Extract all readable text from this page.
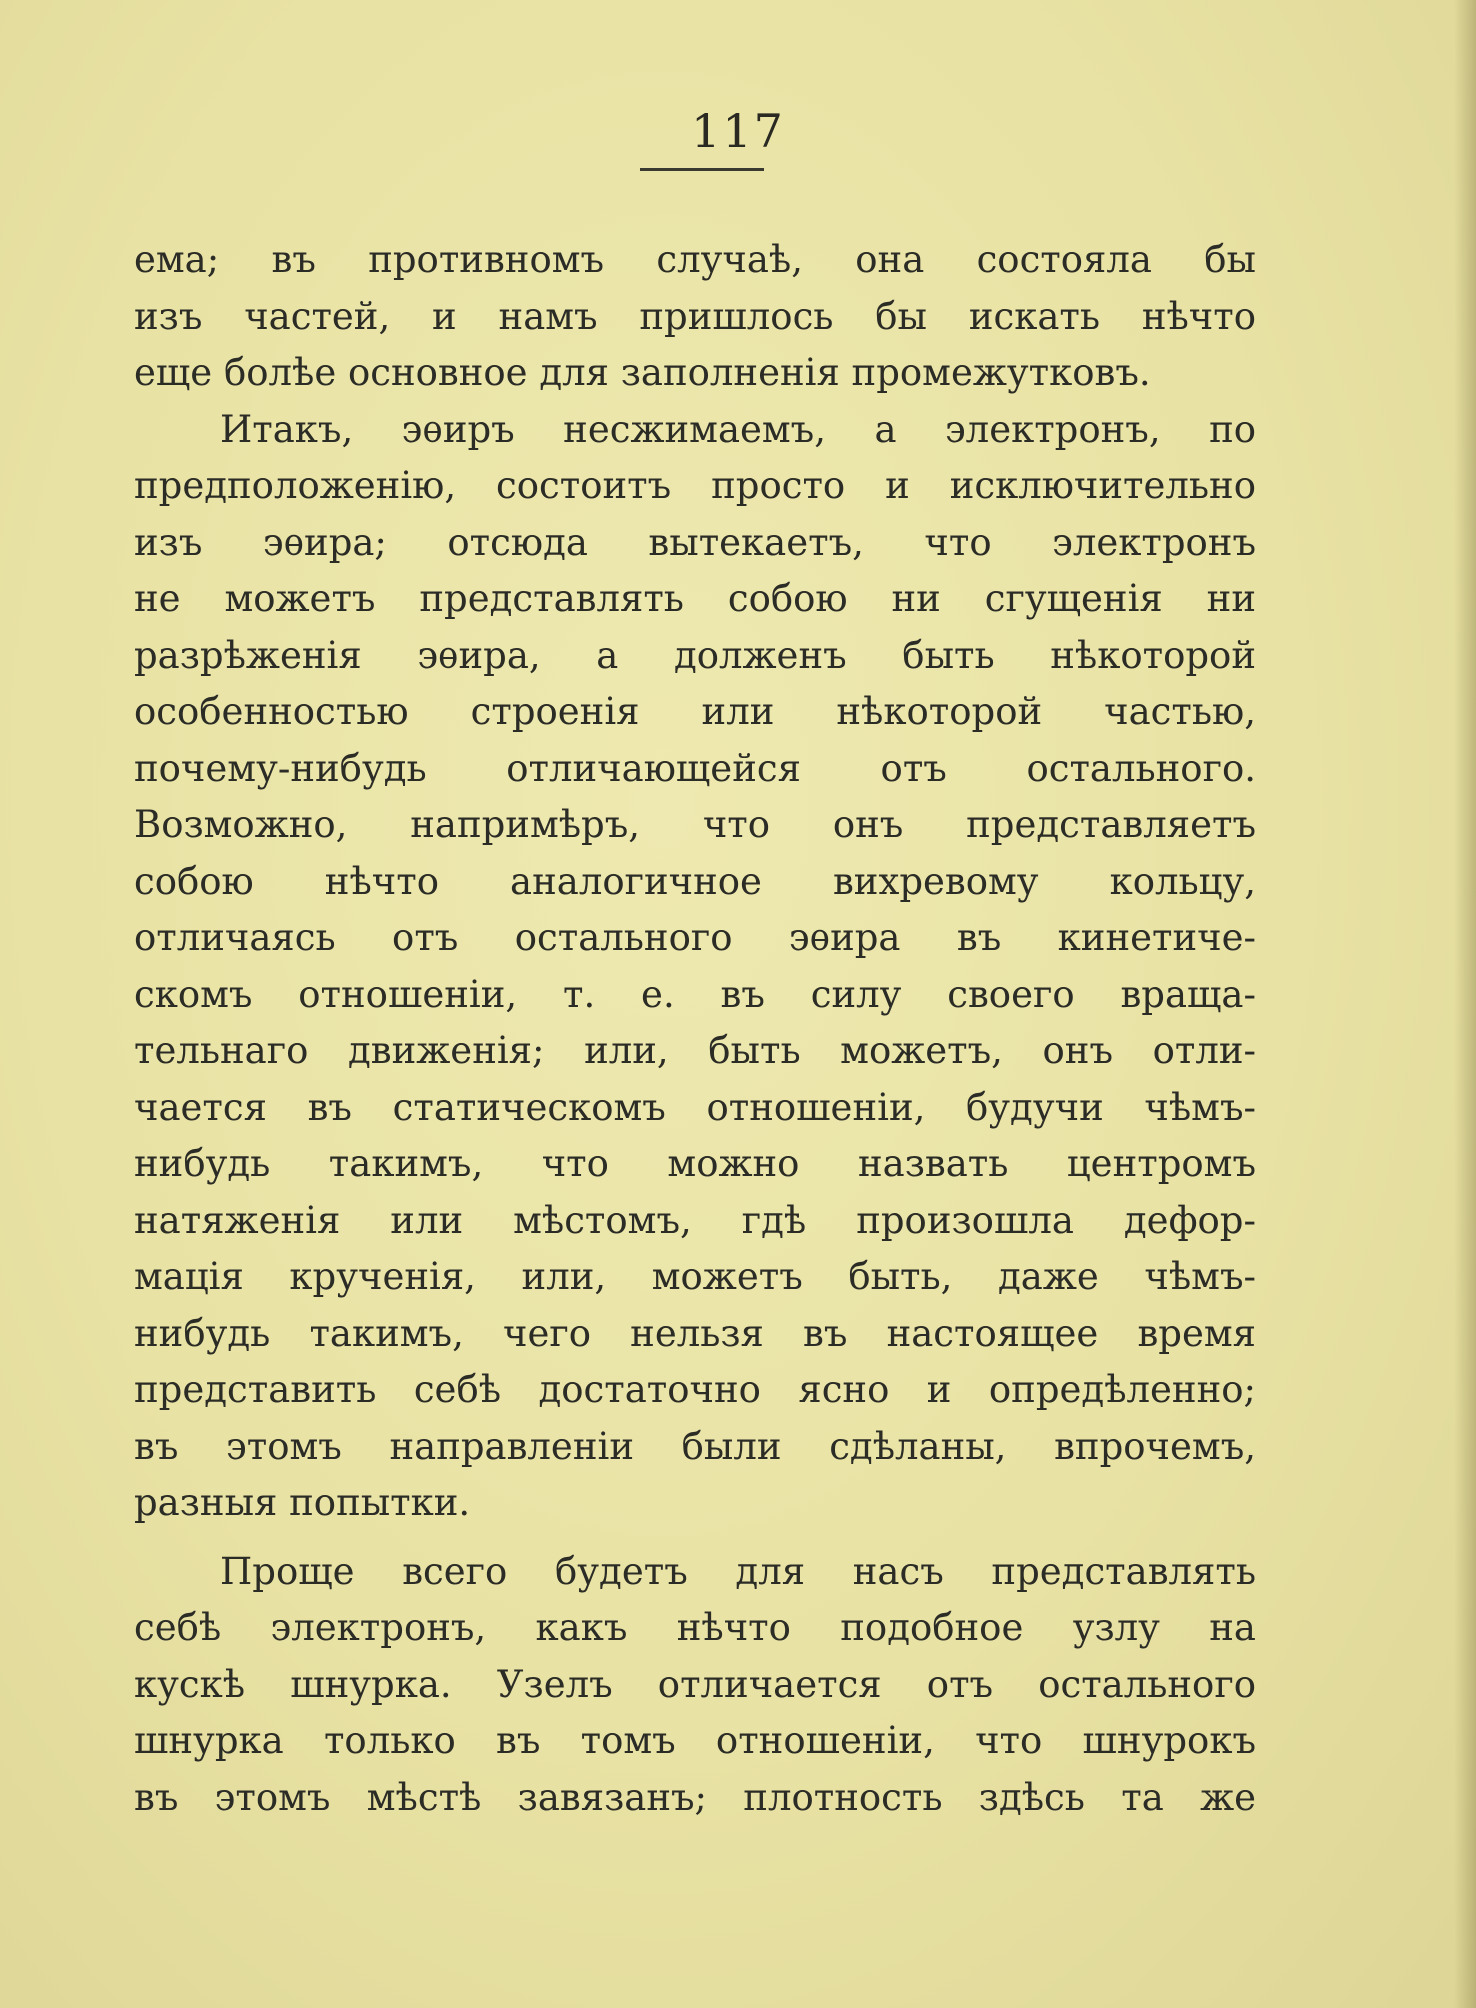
117
ема; въ противномъ случаѣ, она состояла бы
изъ частей, и намъ пришлось бы искать нѣчто
еще болѣе основное для заполненія промежутковъ.
Итакъ, эѳиръ несжимаемъ, а электронъ, по
предположенію, состоитъ просто и исключительно
изъ эѳира; отсюда вытекаетъ, что электронъ
не можетъ представлять собою ни сгущенія ни
разрѣженія эѳира, а долженъ быть нѣкоторой
особенностью строенія или нѣкоторой частью,
почему-нибудь отличающейся отъ остального.
Возможно, напримѣръ, что онъ представляетъ
собою нѣчто аналогичное вихревому кольцу,
отличаясь отъ остального эѳира въ кинетиче-
скомъ отношеніи, т. е. въ силу своего враща-
тельнаго движенія; или, быть можетъ, онъ отли-
чается въ статическомъ отношеніи, будучи чѣмъ-
нибудь такимъ, что можно назвать центромъ
натяженія или мѣстомъ, гдѣ произошла дефор-
мація крученія, или, можетъ быть, даже чѣмъ-
нибудь такимъ, чего нельзя въ настоящее время
представить себѣ достаточно ясно и опредѣленно;
въ этомъ направленіи были сдѣланы, впрочемъ,
разныя попытки.
Проще всего будетъ для насъ представлять
себѣ электронъ, какъ нѣчто подобное узлу на
кускѣ шнурка. Узелъ отличается отъ остального
шнурка только въ томъ отношеніи, что шнурокъ
въ этомъ мѣстѣ завязанъ; плотность здѣсь та же
